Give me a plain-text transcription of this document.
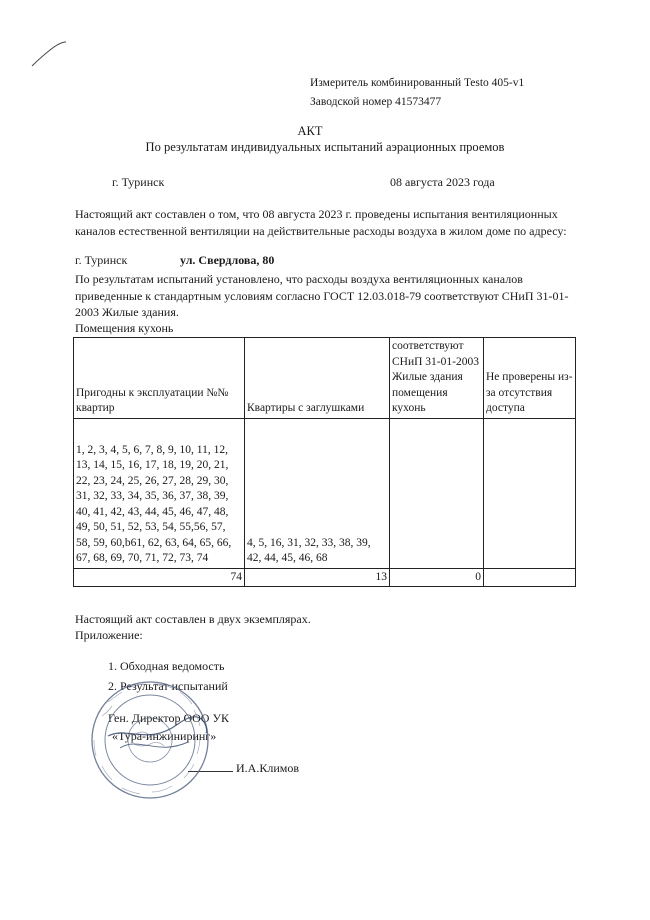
Измеритель комбинированный Testo 405-v1
Заводской номер 41573477
АКТ
По результатам индивидуальных испытаний аэрационных проемов
г. Туринск	08 августа 2023 года
Настоящий акт составлен о том, что 08 августа 2023 г. проведены испытания вентиляционных каналов естественной вентиляции на действительные расходы воздуха в жилом доме по адресу:
г. Туринск	ул. Свердлова, 80
По результатам испытаний установлено, что расходы воздуха вентиляционных каналов приведенные к стандартным условиям согласно ГОСТ 12.03.018-79 соответствуют СНиП 31-01-2003 Жилые здания.
Помещения кухонь
Пригодны к эксплуатации №№ квартир	Квартиры с заглушками	соответствуют СНиП 31-01-2003 Жилые здания помещения кухонь	Не проверены из-за отсутствия доступа
1, 2, 3, 4, 5, 6, 7, 8, 9, 10, 11, 12, 13, 14, 15, 16, 17, 18, 19, 20, 21, 22, 23, 24, 25, 26, 27, 28, 29, 30, 31, 32, 33, 34, 35, 36, 37, 38, 39, 40, 41, 42, 43, 44, 45, 46, 47, 48, 49, 50, 51, 52, 53, 54, 55,56, 57, 58, 59, 60,b61, 62, 63, 64, 65, 66, 67, 68, 69, 70, 71, 72, 73, 74	4, 5, 16, 31, 32, 33, 38, 39, 42, 44, 45, 46, 68		
74	13	0	
Настоящий акт составлен в двух экземплярах.
Приложение:
1. Обходная ведомость
2. Результат испытаний
Ген. Директор ООО УК
«Тура-инжиниринг»
И.А.Климов
